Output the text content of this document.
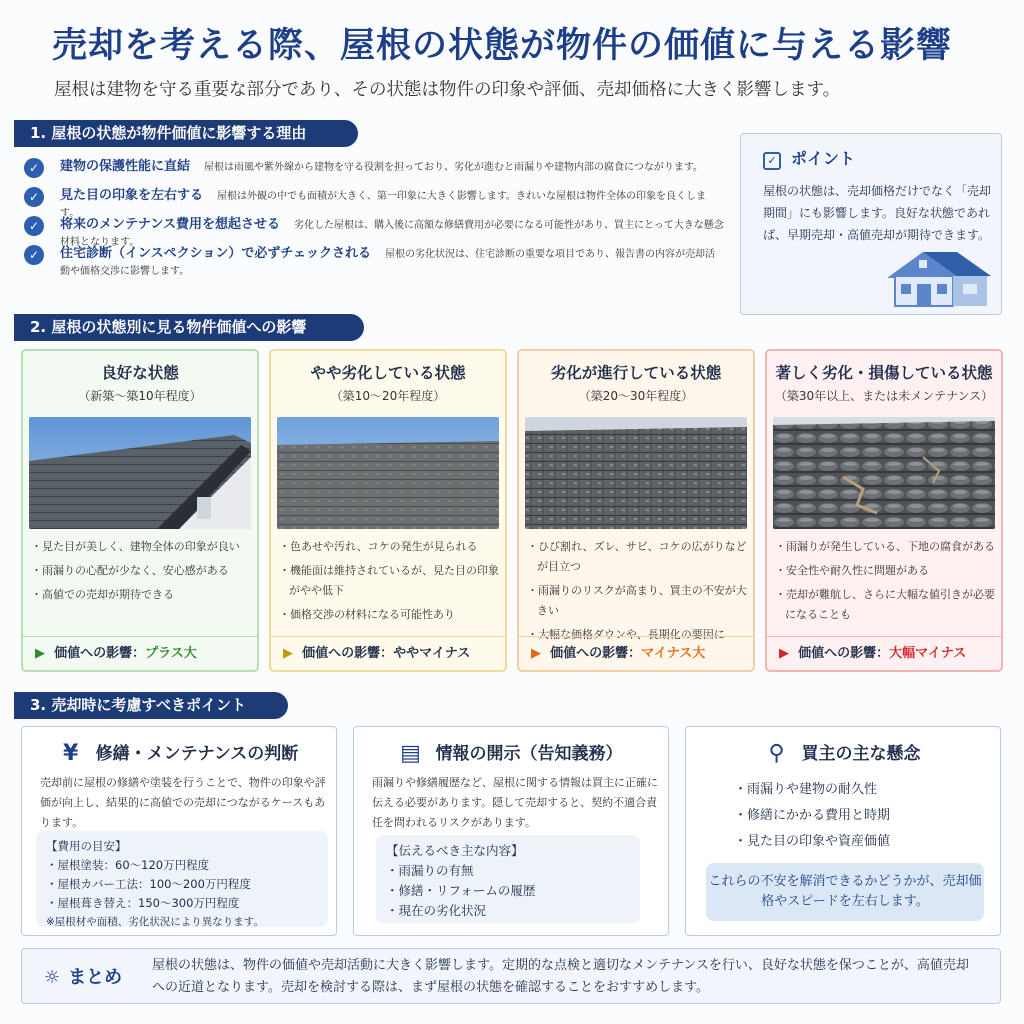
売却を考える際、屋根の状態が物件の価値に与える影響
屋根は建物を守る重要な部分であり、その状態は物件の印象や評価、売却価格に大きく影響します。
1. 屋根の状態が物件価値に影響する理由
✓	建物の保護性能に直結 屋根は雨風や紫外線から建物を守る役割を担っており、劣化が進むと雨漏りや建物内部の腐食につながります。
✓	見た目の印象を左右する 屋根は外観の中でも面積が大きく、第一印象に大きく影響します。きれいな屋根は物件全体の印象を良くします。
✓	将来のメンテナンス費用を想起させる 劣化した屋根は、購入後に高額な修繕費用が必要になる可能性があり、買主にとって大きな懸念材料となります。
✓	住宅診断（インスペクション）で必ずチェックされる 屋根の劣化状況は、住宅診断の重要な項目であり、報告書の内容が売却活動や価格交渉に影響します。
✓ ポイント
屋根の状態は、売却価格だけでなく「売却期間」にも影響します。良好な状態であれば、早期売却・高値売却が期待できます。
2. 屋根の状態別に見る物件価値への影響
良好な状態
（新築〜築10年程度）
・見た目が美しく、建物全体の印象が良い
・雨漏りの心配が少なく、安心感がある
・高値での売却が期待できる
▶ 価値への影響：プラス大
やや劣化している状態
（築10〜20年程度）
・色あせや汚れ、コケの発生が見られる
・機能面は維持されているが、見た目の印象がやや低下
・価格交渉の材料になる可能性あり
▶ 価値への影響：ややマイナス
劣化が進行している状態
（築20〜30年程度）
・ひび割れ、ズレ、サビ、コケの広がりなどが目立つ
・雨漏りのリスクが高まり、買主の不安が大きい
・大幅な価格ダウンや、長期化の要因に
▶ 価値への影響：マイナス大
著しく劣化・損傷している状態
（築30年以上、または未メンテナンス）
・雨漏りが発生している、下地の腐食がある
・安全性や耐久性に問題がある
・売却が難航し、さらに大幅な値引きが必要になることも
▶ 価値への影響：大幅マイナス
3. 売却時に考慮すべきポイント
¥ 修繕・メンテナンスの判断
売却前に屋根の修繕や塗装を行うことで、物件の印象や評価が向上し、結果的に高値での売却につながるケースもあります。
【費用の目安】
・屋根塗装：60〜120万円程度
・屋根カバー工法：100〜200万円程度
・屋根葺き替え：150〜300万円程度
※屋根材や面積、劣化状況により異なります。
▤ 情報の開示（告知義務）
雨漏りや修繕履歴など、屋根に関する情報は買主に正確に伝える必要があります。隠して売却すると、契約不適合責任を問われるリスクがあります。
【伝えるべき主な内容】
・雨漏りの有無
・修繕・リフォームの履歴
・現在の劣化状況
⚲ 買主の主な懸念
・雨漏りや建物の耐久性
・修繕にかかる費用と時期
・見た目の印象や資産価値
これらの不安を解消できるかどうかが、売却価格やスピードを左右します。
☼ まとめ
屋根の状態は、物件の価値や売却活動に大きく影響します。定期的な点検と適切なメンテナンスを行い、良好な状態を保つことが、高値売却への近道となります。売却を検討する際は、まず屋根の状態を確認することをおすすめします。
